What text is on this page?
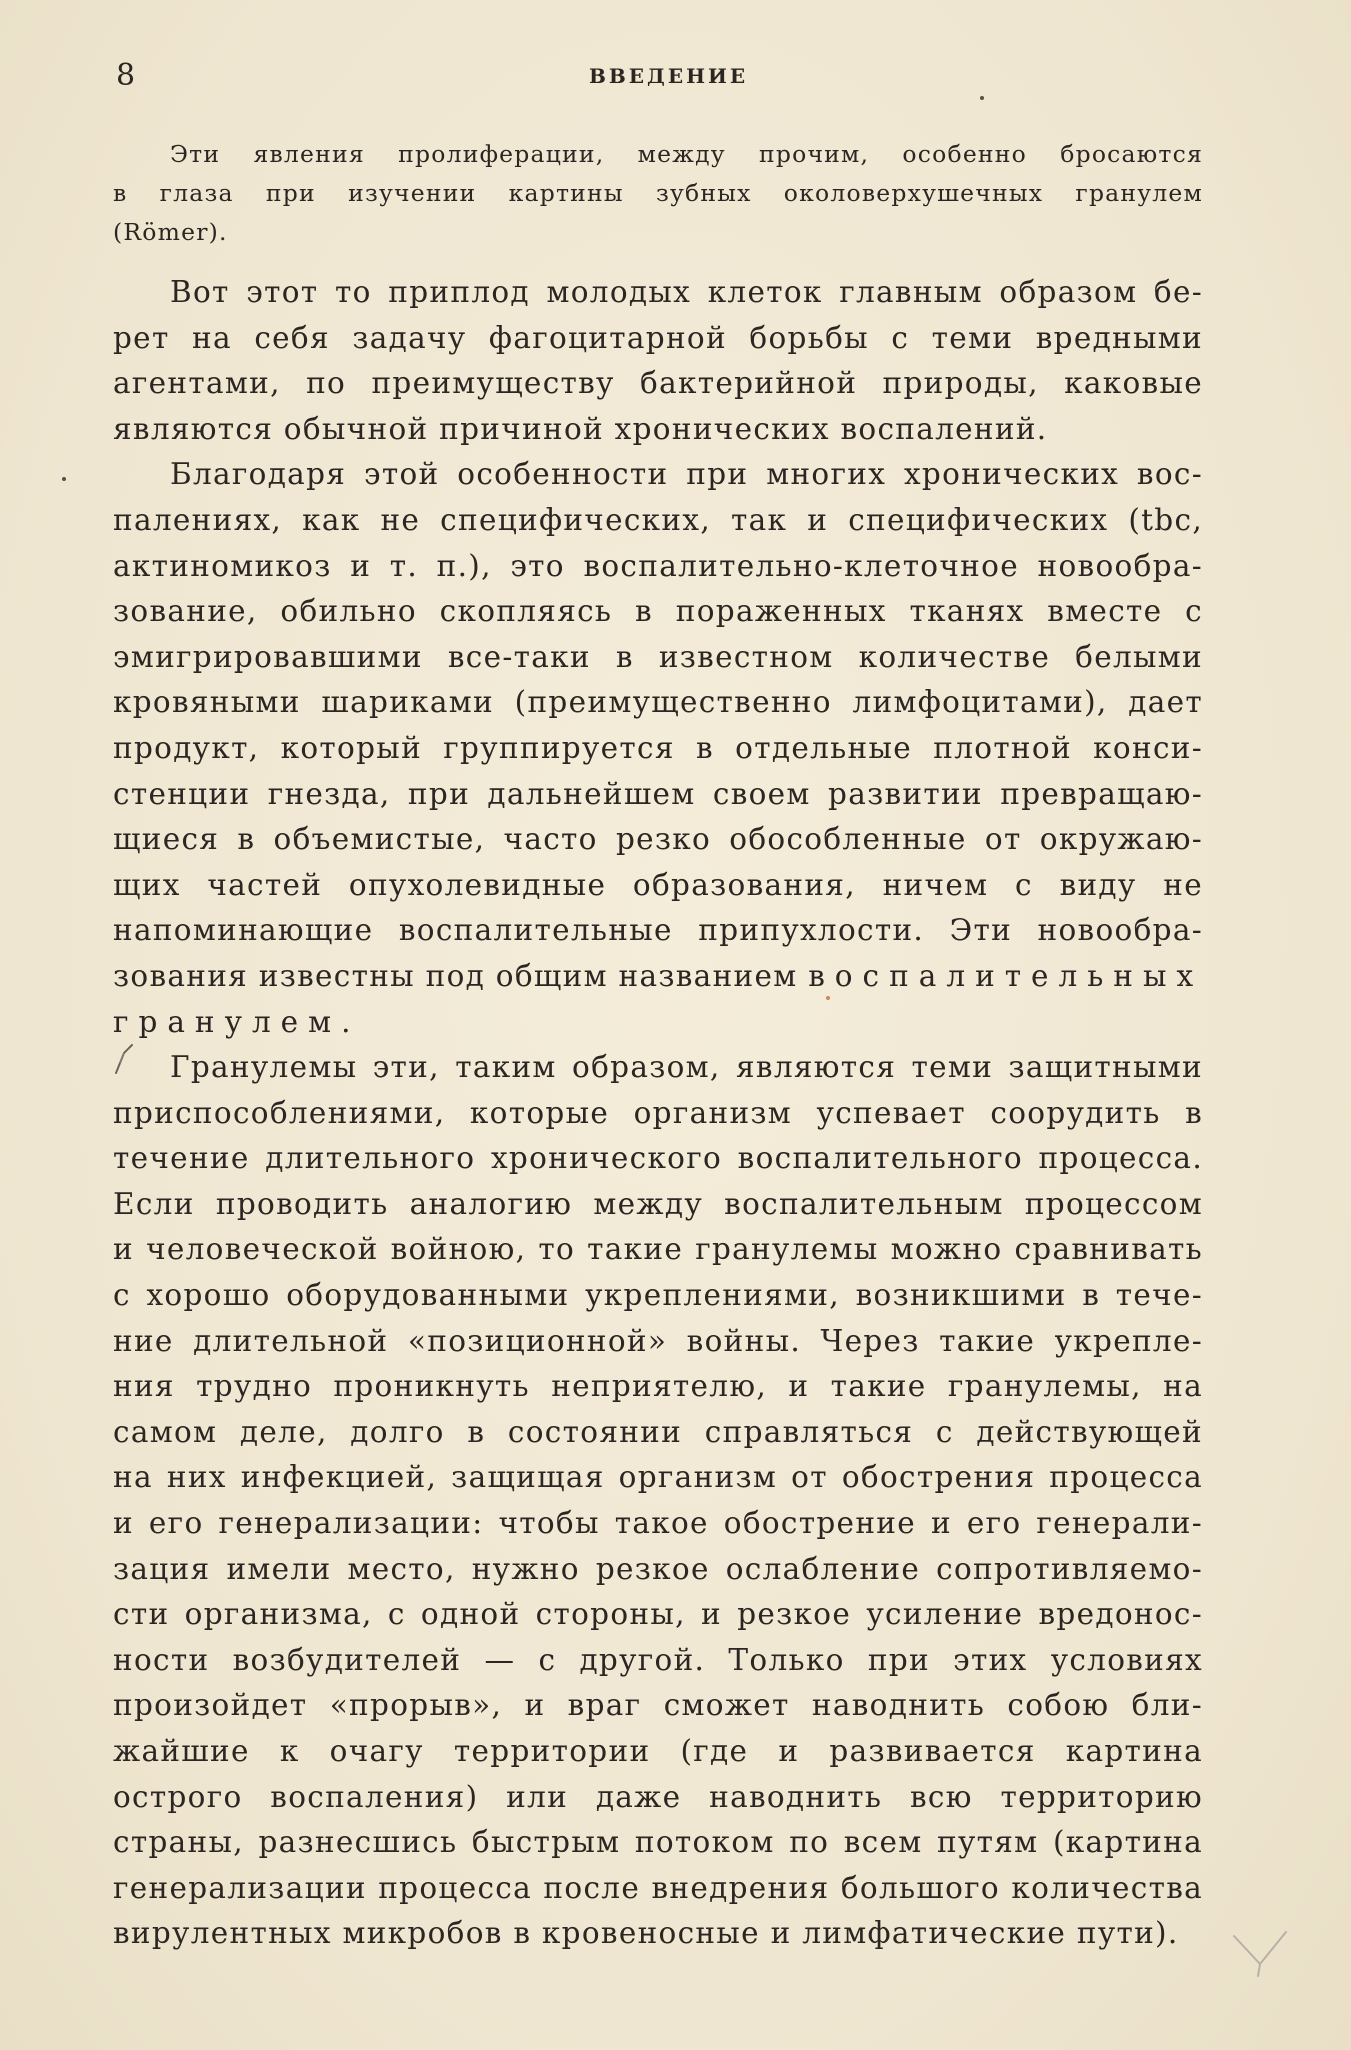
8	ВВЕДЕНИЕ

Эти явления пролиферации, между прочим, особенно бросаются
в глаза при изучении картины зубных околоверхушечных гранулем
(Römer).

Вот этот то приплод молодых клеток главным образом бе-
рет на себя задачу фагоцитарной борьбы с теми вредными
агентами, по преимуществу бактерийной природы, каковые
являются обычной причиной хронических воспалений.

Благодаря этой особенности при многих хронических вос-
палениях, как не специфических, так и специфических (tbc,
актиномикоз и т. п.), это воспалительно-клеточное новообра-
зование, обильно скопляясь в пораженных тканях вместе с
эмигрировавшими все-таки в известном количестве белыми
кровяными шариками (преимущественно лимфоцитами), дает
продукт, который группируется в отдельные плотной конси-
стенции гнезда, при дальнейшем своем развитии превращаю-
щиеся в объемистые, часто резко обособленные от окружаю-
щих частей опухолевидные образования, ничем с виду не
напоминающие воспалительные припухлости. Эти новообра-
зования известны под общим названием воспалительных
гранулем.

Гранулемы эти, таким образом, являются теми защитными
приспособлениями, которые организм успевает соорудить в
течение длительного хронического воспалительного процесса.
Если проводить аналогию между воспалительным процессом
и человеческой войною, то такие гранулемы можно сравнивать
с хорошо оборудованными укреплениями, возникшими в тече-
ние длительной «позиционной» войны. Через такие укрепле-
ния трудно проникнуть неприятелю, и такие гранулемы, на
самом деле, долго в состоянии справляться с действующей
на них инфекцией, защищая организм от обострения процесса
и его генерализации: чтобы такое обострение и его генерали-
зация имели место, нужно резкое ослабление сопротивляемо-
сти организма, с одной стороны, и резкое усиление вредонос-
ности возбудителей — с другой. Только при этих условиях
произойдет «прорыв», и враг сможет наводнить собою бли-
жайшие к очагу территории (где и развивается картина
острого воспаления) или даже наводнить всю территорию
страны, разнесшись быстрым потоком по всем путям (картина
генерализации процесса после внедрения большого количества
вирулентных микробов в кровеносные и лимфатические пути).
